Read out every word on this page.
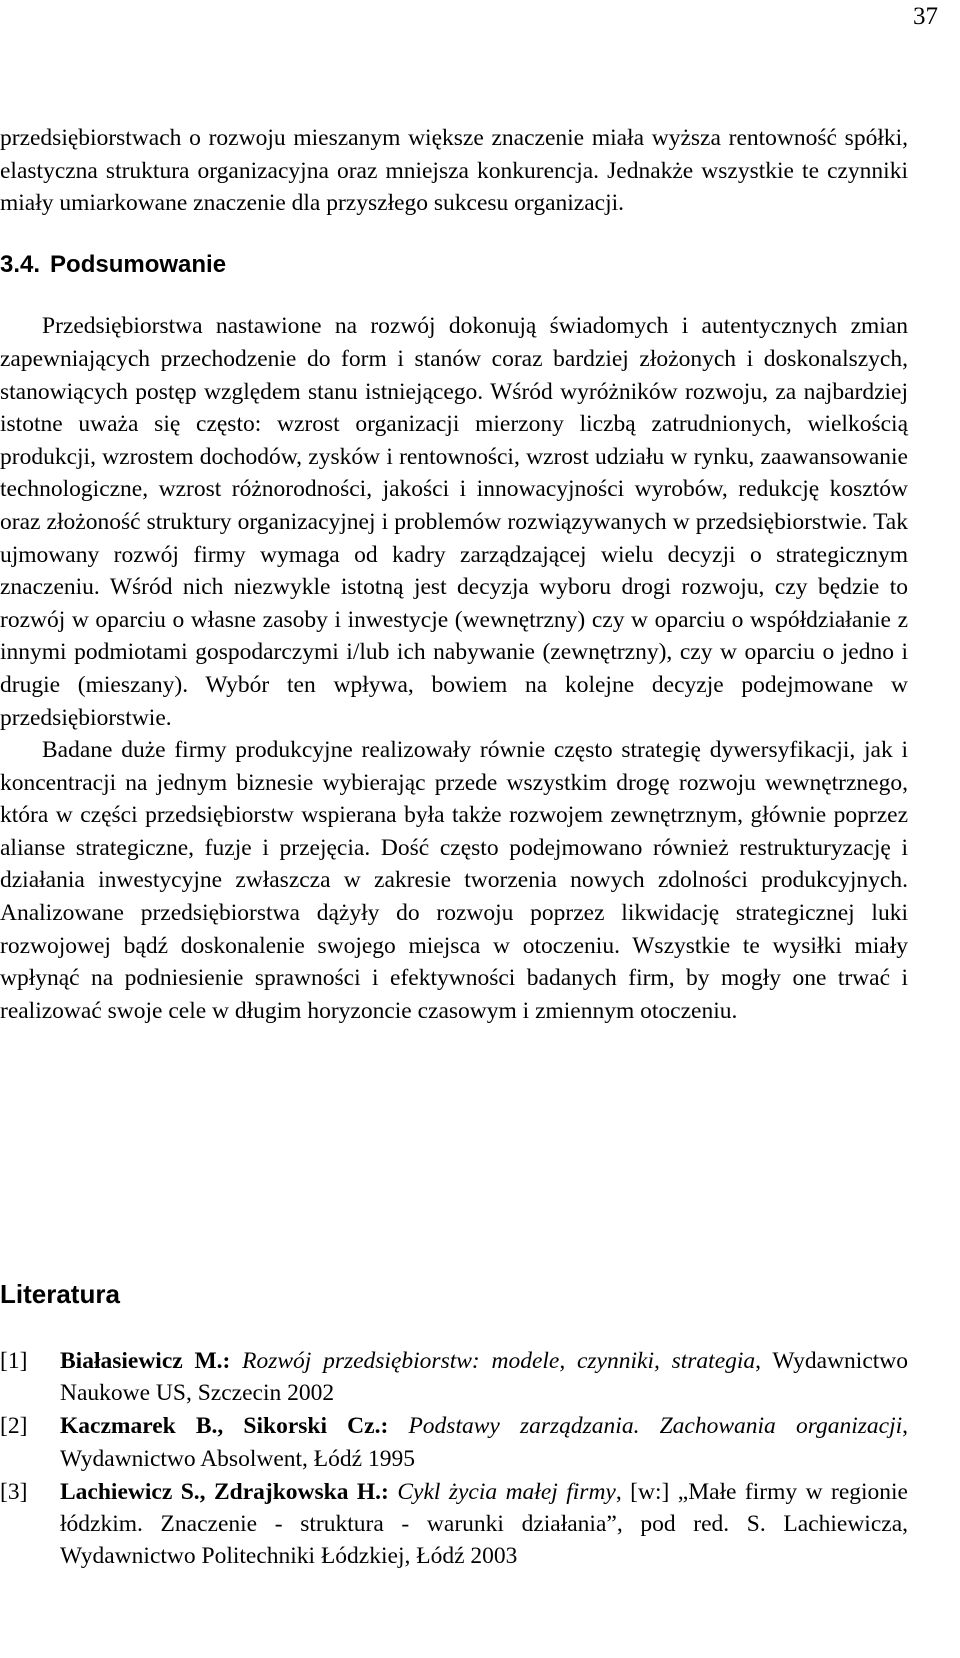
37

przedsiębiorstwach o rozwoju mieszanym większe znaczenie miała wyższa rentowność spółki, elastyczna struktura organizacyjna oraz mniejsza konkurencja. Jednakże wszystkie te czynniki miały umiarkowane znaczenie dla przyszłego sukcesu organizacji.

3.4. Podsumowanie

Przedsiębiorstwa nastawione na rozwój dokonują świadomych i autentycznych zmian zapewniających przechodzenie do form i stanów coraz bardziej złożonych i doskonalszych, stanowiących postęp względem stanu istniejącego. Wśród wyróżników rozwoju, za najbardziej istotne uważa się często: wzrost organizacji mierzony liczbą zatrudnionych, wielkością produkcji, wzrostem dochodów, zysków i rentowności, wzrost udziału w rynku, zaawansowanie technologiczne, wzrost różnorodności, jakości i innowacyjności wyrobów, redukcję kosztów oraz złożoność struktury organizacyjnej i problemów rozwiązywanych w przedsiębiorstwie. Tak ujmowany rozwój firmy wymaga od kadry zarządzającej wielu decyzji o strategicznym znaczeniu. Wśród nich niezwykle istotną jest decyzja wyboru drogi rozwoju, czy będzie to rozwój w oparciu o własne zasoby i inwestycje (wewnętrzny) czy w oparciu o współdziałanie z innymi podmiotami gospodarczymi i/lub ich nabywanie (zewnętrzny), czy w oparciu o jedno i drugie (mieszany). Wybór ten wpływa, bowiem na kolejne decyzje podejmowane w przedsiębiorstwie.

Badane duże firmy produkcyjne realizowały równie często strategię dywersyfikacji, jak i koncentracji na jednym biznesie wybierając przede wszystkim drogę rozwoju wewnętrznego, która w części przedsiębiorstw wspierana była także rozwojem zewnętrznym, głównie poprzez alianse strategiczne, fuzje i przejęcia. Dość często podejmowano również restrukturyzację i działania inwestycyjne zwłaszcza w zakresie tworzenia nowych zdolności produkcyjnych. Analizowane przedsiębiorstwa dążyły do rozwoju poprzez likwidację strategicznej luki rozwojowej bądź doskonalenie swojego miejsca w otoczeniu. Wszystkie te wysiłki miały wpłynąć na podniesienie sprawności i efektywności badanych firm, by mogły one trwać i realizować swoje cele w długim horyzoncie czasowym i zmiennym otoczeniu.

Literatura
[1] Białasiewicz M.: Rozwój przedsiębiorstw: modele, czynniki, strategia, Wydawnictwo Naukowe US, Szczecin 2002
[2] Kaczmarek B., Sikorski Cz.: Podstawy zarządzania. Zachowania organizacji, Wydawnictwo Absolwent, Łódź 1995
[3] Lachiewicz S., Zdrajkowska H.: Cykl życia małej firmy, [w:] „Małe firmy w regionie łódzkim. Znaczenie - struktura - warunki działania”, pod red. S. Lachiewicza, Wydawnictwo Politechniki Łódzkiej, Łódź 2003
